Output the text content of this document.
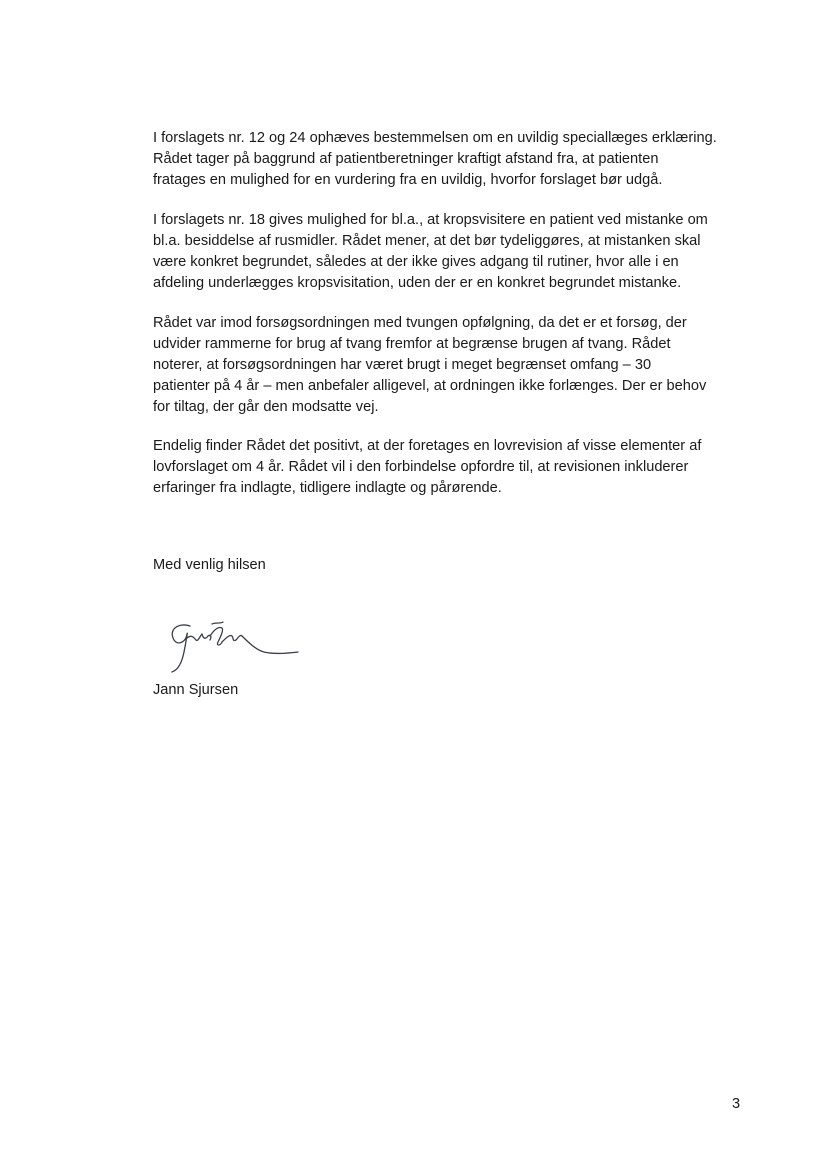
I forslagets nr. 12 og 24 ophæves bestemmelsen om en uvildig speciallæges erklæring.
Rådet tager på baggrund af patientberetninger kraftigt afstand fra, at patienten
fratages en mulighed for en vurdering fra en uvildig, hvorfor forslaget bør udgå.
I forslagets nr. 18 gives mulighed for bl.a., at kropsvisitere en patient ved mistanke om
bl.a. besiddelse af rusmidler. Rådet mener, at det bør tydeliggøres, at mistanken skal
være konkret begrundet, således at der ikke gives adgang til rutiner, hvor alle i en
afdeling underlægges kropsvisitation, uden der er en konkret begrundet mistanke.
Rådet var imod forsøgsordningen med tvungen opfølgning, da det er et forsøg, der
udvider rammerne for brug af tvang fremfor at begrænse brugen af tvang. Rådet
noterer, at forsøgsordningen har været brugt i meget begrænset omfang – 30
patienter på 4 år – men anbefaler alligevel, at ordningen ikke forlænges. Der er behov
for tiltag, der går den modsatte vej.
Endelig finder Rådet det positivt, at der foretages en lovrevision af visse elementer af
lovforslaget om 4 år. Rådet vil i den forbindelse opfordre til, at revisionen inkluderer
erfaringer fra indlagte, tidligere indlagte og pårørende.

Med venlig hilsen

Jann Sjursen

3
